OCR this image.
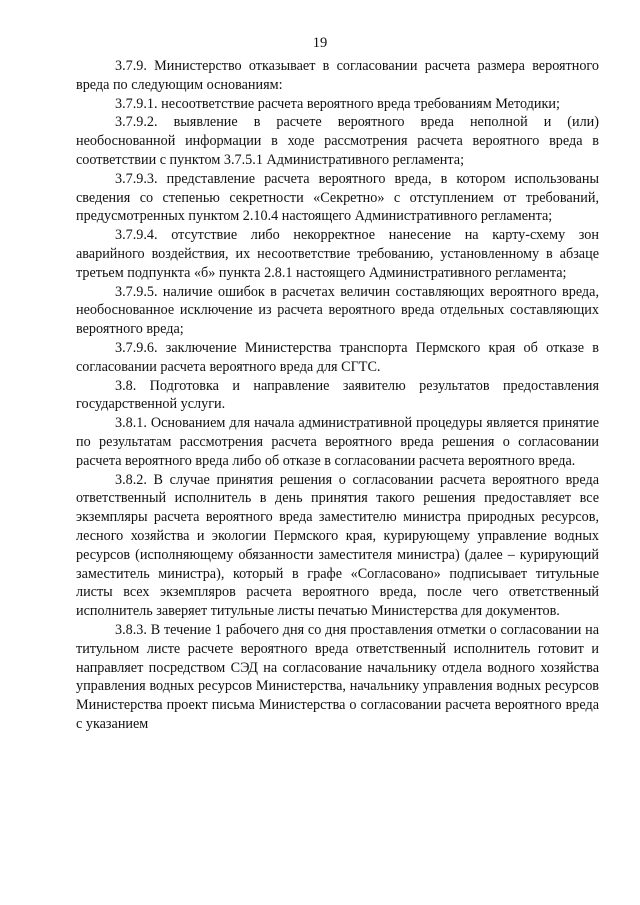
19

3.7.9. Министерство отказывает в согласовании расчета размера вероятного вреда по следующим основаниям:

3.7.9.1. несоответствие расчета вероятного вреда требованиям Методики;

3.7.9.2. выявление в расчете вероятного вреда неполной и (или) необоснованной информации в ходе рассмотрения расчета вероятного вреда в соответствии с пунктом 3.7.5.1 Административного регламента;

3.7.9.3. представление расчета вероятного вреда, в котором использованы сведения со степенью секретности «Секретно» с отступлением от требований, предусмотренных пунктом 2.10.4 настоящего Административного регламента;

3.7.9.4. отсутствие либо некорректное нанесение на карту-схему зон аварийного воздействия, их несоответствие требованию, установленному в абзаце третьем подпункта «б» пункта 2.8.1 настоящего Административного регламента;

3.7.9.5. наличие ошибок в расчетах величин составляющих вероятного вреда, необоснованное исключение из расчета вероятного вреда отдельных составляющих вероятного вреда;

3.7.9.6. заключение Министерства транспорта Пермского края об отказе в согласовании расчета вероятного вреда для СГТС.

3.8. Подготовка и направление заявителю результатов предоставления государственной услуги.

3.8.1. Основанием для начала административной процедуры является принятие по результатам рассмотрения расчета вероятного вреда решения о согласовании расчета вероятного вреда либо об отказе в согласовании расчета вероятного вреда.

3.8.2. В случае принятия решения о согласовании расчета вероятного вреда ответственный исполнитель в день принятия такого решения предоставляет все экземпляры расчета вероятного вреда заместителю министра природных ресурсов, лесного хозяйства и экологии Пермского края, курирующему управление водных ресурсов (исполняющему обязанности заместителя министра) (далее – курирующий заместитель министра), который в графе «Согласовано» подписывает титульные листы всех экземпляров расчета вероятного вреда, после чего ответственный исполнитель заверяет титульные листы печатью Министерства для документов.

3.8.3. В течение 1 рабочего дня со дня проставления отметки о согласовании на титульном листе расчете вероятного вреда ответственный исполнитель готовит и направляет посредством СЭД на согласование начальнику отдела водного хозяйства управления водных ресурсов Министерства, начальнику управления водных ресурсов Министерства проект письма Министерства о согласовании расчета вероятного вреда с указанием
